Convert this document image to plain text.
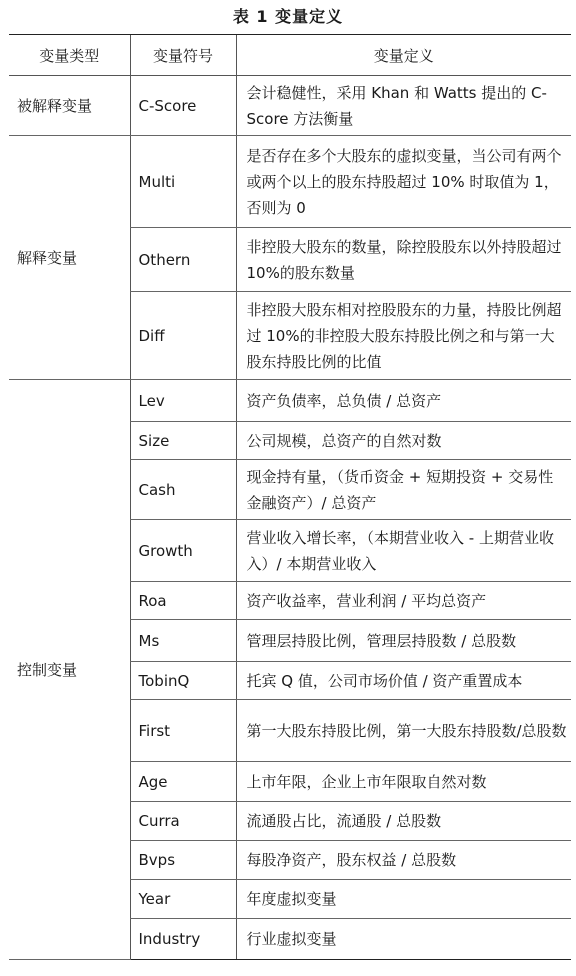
表 1 变量定义
变量类型	变量符号	变量定义
被解释变量	C-Score	会计稳健性，采用 Khan 和 Watts 提出的 C-Score 方法衡量
解释变量	Multi	是否存在多个大股东的虚拟变量，当公司有两个或两个以上的股东持股超过 10% 时取值为 1，否则为 0
	Othern	非控股大股东的数量，除控股股东以外持股超过 10%的股东数量
	Diff	非控股大股东相对控股股东的力量，持股比例超过 10%的非控股大股东持股比例之和与第一大股东持股比例的比值
控制变量	Lev	资产负债率，总负债 / 总资产
	Size	公司规模，总资产的自然对数
	Cash	现金持有量，（货币资金 + 短期投资 + 交易性金融资产）/ 总资产
	Growth	营业收入增长率，（本期营业收入 - 上期营业收入）/ 本期营业收入
	Roa	资产收益率，营业利润 / 平均总资产
	Ms	管理层持股比例，管理层持股数 / 总股数
	TobinQ	托宾 Q 值，公司市场价值 / 资产重置成本
	First	第一大股东持股比例，第一大股东持股数/总股数
	Age	上市年限，企业上市年限取自然对数
	Curra	流通股占比，流通股 / 总股数
	Bvps	每股净资产，股东权益 / 总股数
	Year	年度虚拟变量
	Industry	行业虚拟变量
